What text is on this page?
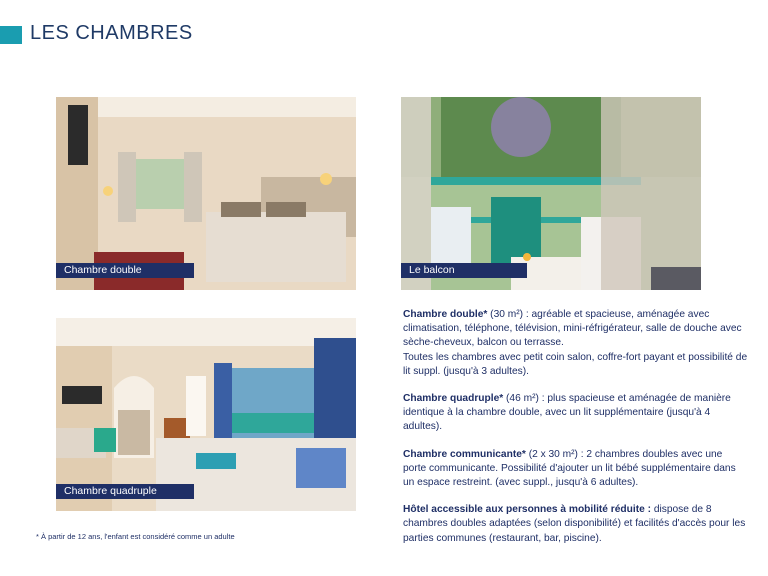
LES CHAMBRES
Chambre double	Le balcon
Chambre quadruple

Chambre double* (30 m²) : agréable et spacieuse, aménagée avec climatisation, téléphone, télévision, mini-réfrigérateur, salle de douche avec sèche-cheveux, balcon ou terrasse.
Toutes les chambres avec petit coin salon, coffre-fort payant et possibilité de lit suppl. (jusqu'à 3 adultes).

Chambre quadruple* (46 m²) : plus spacieuse et aménagée de manière identique à la chambre double, avec un lit supplémentaire (jusqu'à 4 adultes).

Chambre communicante* (2 x 30 m²) : 2 chambres doubles avec une porte communicante. Possibilité d'ajouter un lit bébé supplémentaire dans un espace restreint. (avec suppl., jusqu'à 6 adultes).

Hôtel accessible aux personnes à mobilité réduite : dispose de 8 chambres doubles adaptées (selon disponibilité) et facilités d'accès pour les parties communes (restaurant, bar, piscine).

* À partir de 12 ans, l'enfant est considéré comme un adulte
